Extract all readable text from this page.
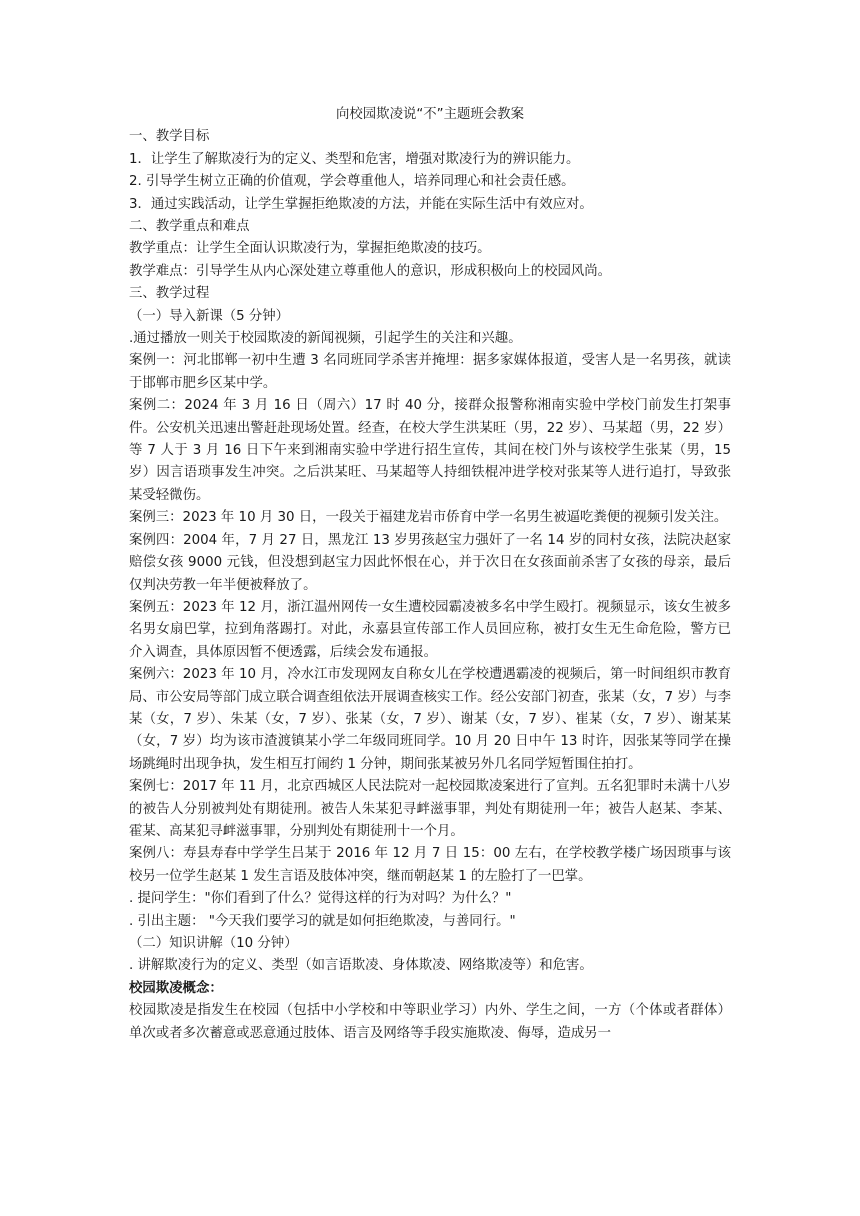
向校园欺凌说“不”主题班会教案

一、教学目标

1．让学生了解欺凌行为的定义、类型和危害，增强对欺凌行为的辨识能力。

2. 引导学生树立正确的价值观，学会尊重他人，培养同理心和社会责任感。

3．通过实践活动，让学生掌握拒绝欺凌的方法，并能在实际生活中有效应对。

二、教学重点和难点

教学重点：让学生全面认识欺凌行为，掌握拒绝欺凌的技巧。

教学难点：引导学生从内心深处建立尊重他人的意识，形成积极向上的校园风尚。

三、教学过程

（一）导入新课（5 分钟）

.通过播放一则关于校园欺凌的新闻视频，引起学生的关注和兴趣。

案例一：河北邯郸一初中生遭 3 名同班同学杀害并掩埋：据多家媒体报道，受害人是一名男孩，就读于邯郸市肥乡区某中学。

案例二：2024 年 3 月 16 日（周六）17 时 40 分，接群众报警称湘南实验中学校门前发生打架事件。公安机关迅速出警赶赴现场处置。经查，在校大学生洪某旺（男，22 岁）、马某超（男，22 岁）等 7 人于 3 月 16 日下午来到湘南实验中学进行招生宣传，其间在校门外与该校学生张某（男，15 岁）因言语琐事发生冲突。之后洪某旺、马某超等人持细铁棍冲进学校对张某等人进行追打，导致张某受轻微伤。

案例三：2023 年 10 月 30 日，一段关于福建龙岩市侨育中学一名男生被逼吃粪便的视频引发关注。

案例四：2004 年，7 月 27 日，黑龙江 13 岁男孩赵宝力强奸了一名 14 岁的同村女孩，法院决赵家赔偿女孩 9000 元钱，但没想到赵宝力因此怀恨在心，并于次日在女孩面前杀害了女孩的母亲，最后仅判决劳教一年半便被释放了。

案例五：2023 年 12 月，浙江温州网传一女生遭校园霸凌被多名中学生殴打。视频显示，该女生被多名男女扇巴掌，拉到角落踢打。对此，永嘉县宣传部工作人员回应称，被打女生无生命危险，警方已介入调查，具体原因暂不便透露，后续会发布通报。

案例六：2023 年 10 月，冷水江市发现网友自称女儿在学校遭遇霸凌的视频后，第一时间组织市教育局、市公安局等部门成立联合调查组依法开展调查核实工作。经公安部门初查，张某（女，7 岁）与李某（女，7 岁）、朱某（女，7 岁）、张某（女，7 岁）、谢某（女，7 岁）、崔某（女，7 岁）、谢某某（女，7 岁）均为该市渣渡镇某小学二年级同班同学。10 月 20 日中午 13 时许，因张某等同学在操场跳绳时出现争执，发生相互打闹约 1 分钟，期间张某被另外几名同学短暂围住拍打。

案例七：2017 年 11 月，北京西城区人民法院对一起校园欺凌案进行了宣判。五名犯罪时未满十八岁的被告人分别被判处有期徒刑。被告人朱某犯寻衅滋事罪，判处有期徒刑一年；被告人赵某、李某、霍某、高某犯寻衅滋事罪，分别判处有期徒刑十一个月。

案例八：寿县寿春中学学生吕某于 2016 年 12 月 7 日 15：00 左右，在学校教学楼广场因琐事与该校另一位学生赵某 1 发生言语及肢体冲突，继而朝赵某 1 的左脸打了一巴掌。

. 提问学生："你们看到了什么？觉得这样的行为对吗？为什么？"

. 引出主题： "今天我们要学习的就是如何拒绝欺凌，与善同行。"

（二）知识讲解（10 分钟）

. 讲解欺凌行为的定义、类型（如言语欺凌、身体欺凌、网络欺凌等）和危害。

校园欺凌概念：

校园欺凌是指发生在校园（包括中小学校和中等职业学习）内外、学生之间，一方（个体或者群体）单次或者多次蓄意或恶意通过肢体、语言及网络等手段实施欺凌、侮辱，造成另一
